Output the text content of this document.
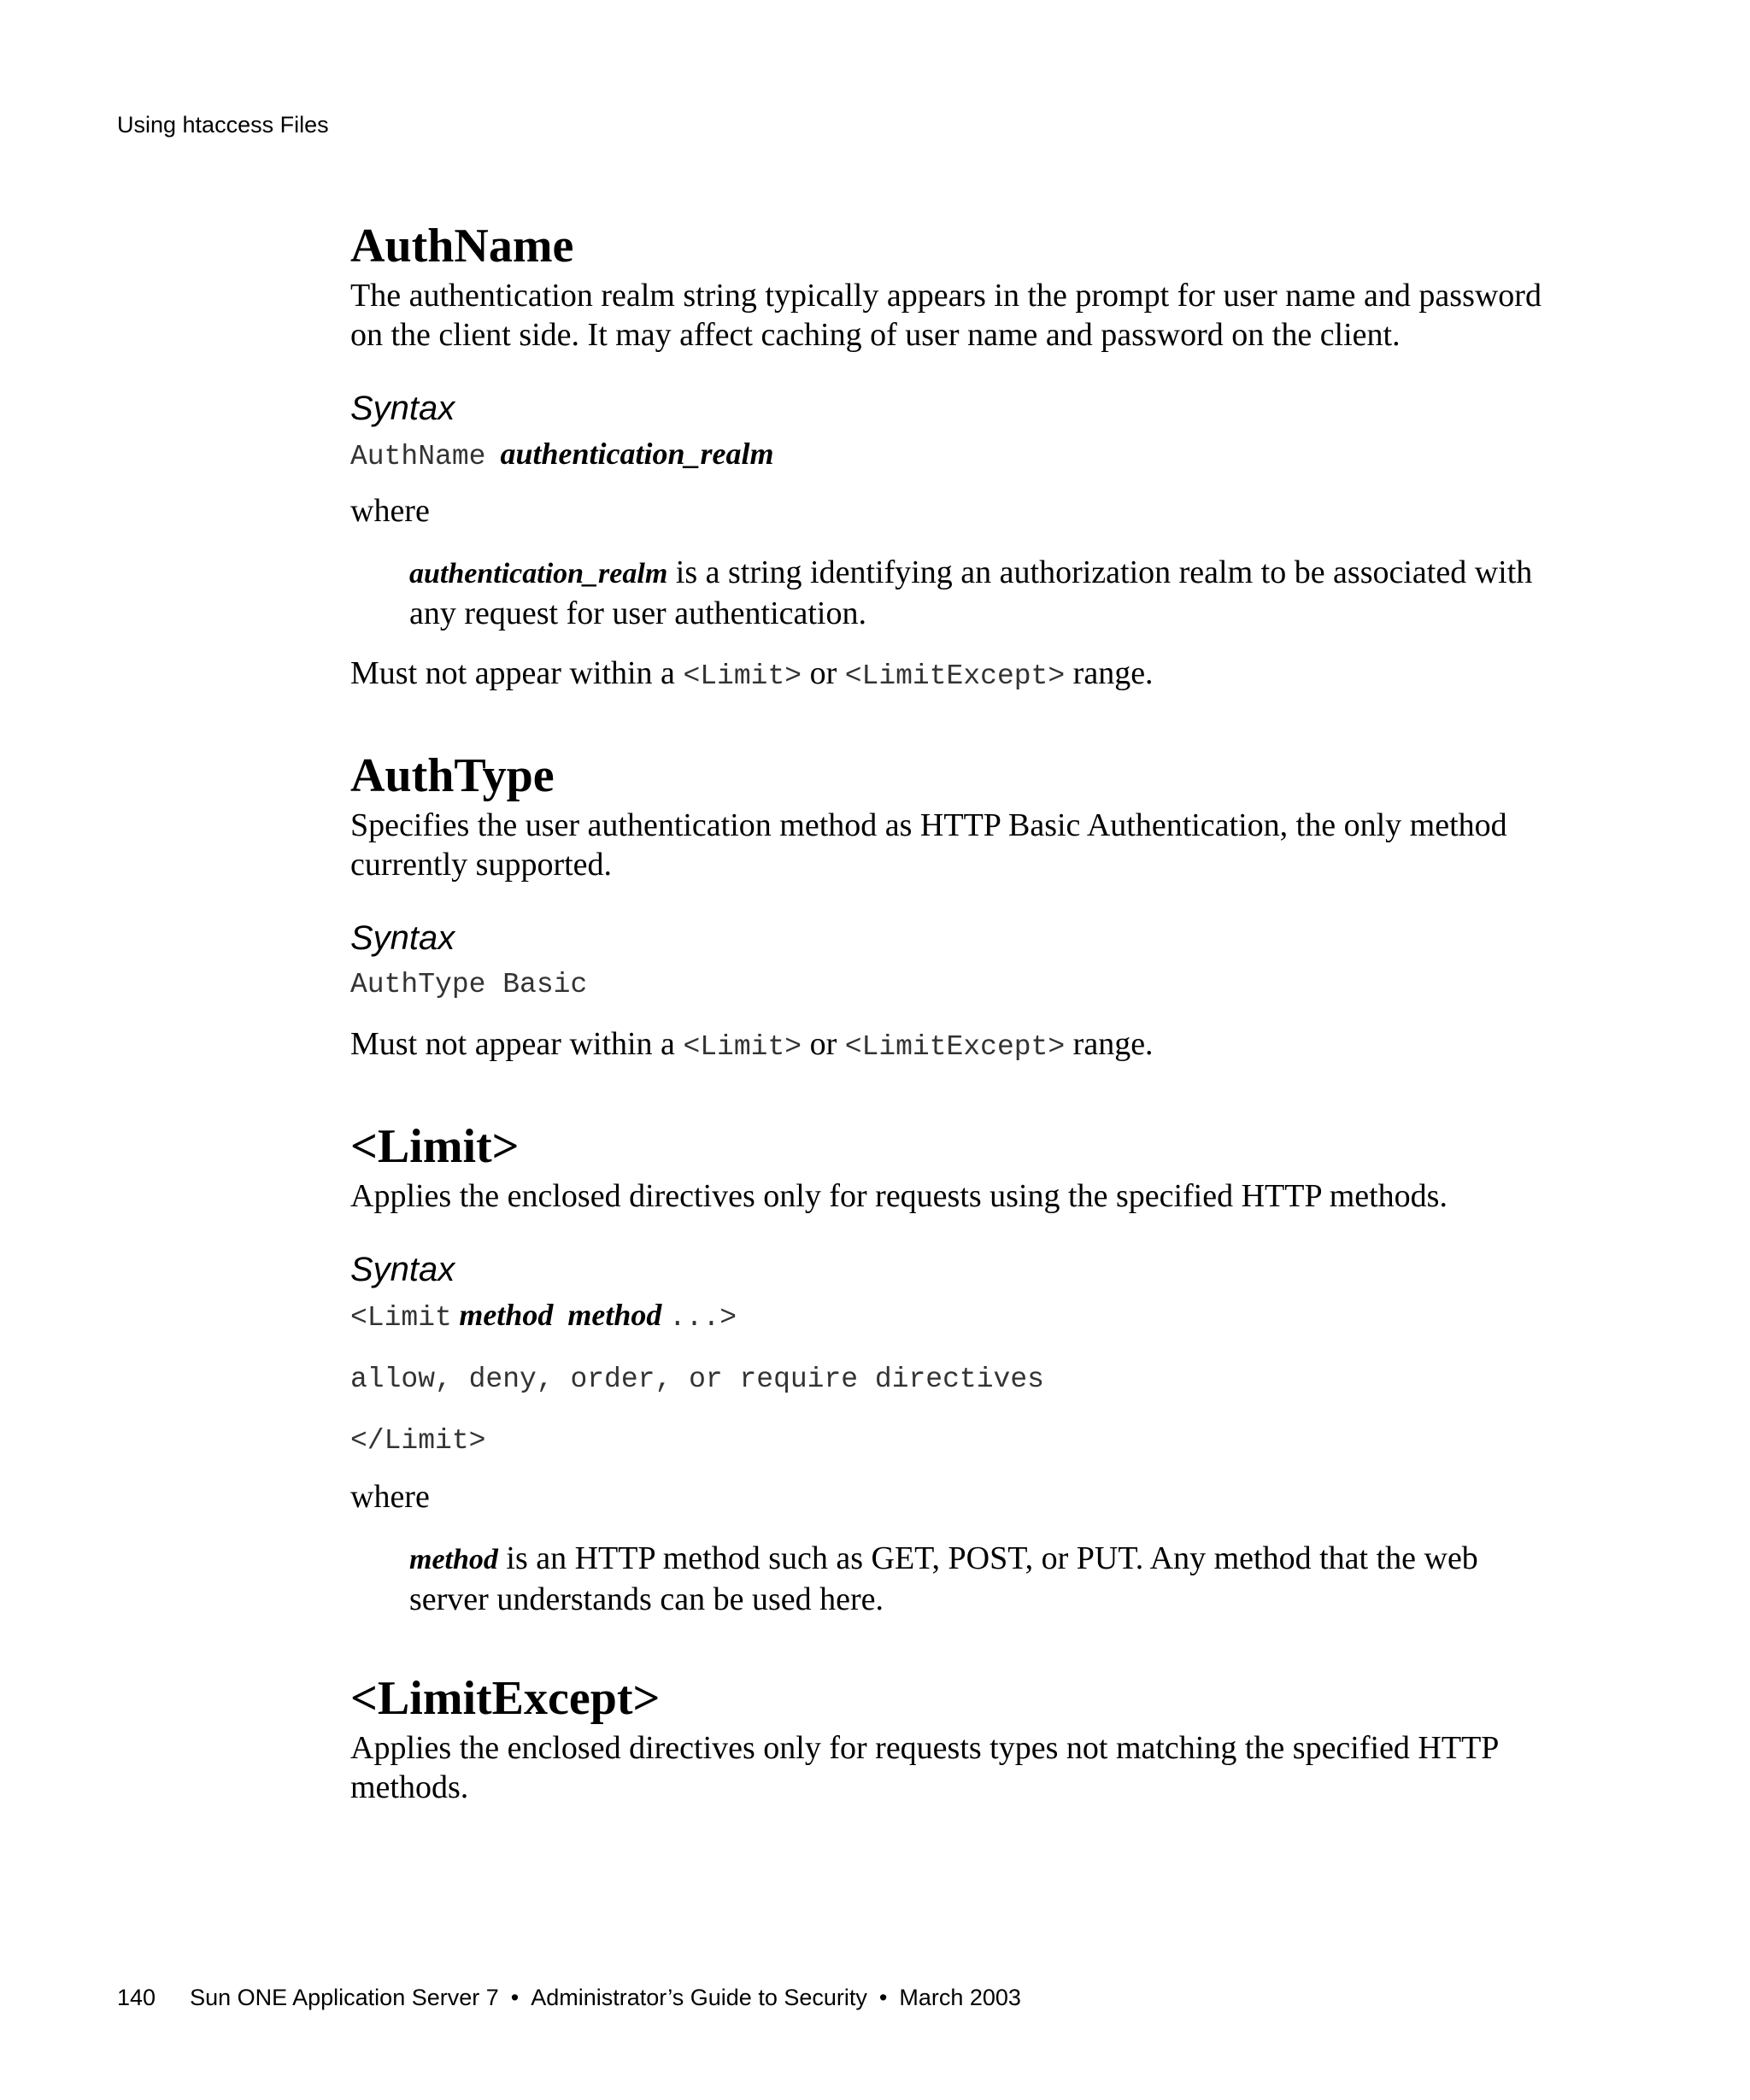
Using htaccess Files
AuthName

The authentication realm string typically appears in the prompt for user name and password on the client side. It may affect caching of user name and password on the client.

Syntax

AuthName authentication_realm

where

authentication_realm is a string identifying an authorization realm to be associated with any request for user authentication.

Must not appear within a <Limit> or <LimitExcept> range.

AuthType

Specifies the user authentication method as HTTP Basic Authentication, the only method currently supported.

Syntax

AuthType Basic

Must not appear within a <Limit> or <LimitExcept> range.

<Limit>

Applies the enclosed directives only for requests using the specified HTTP methods.

Syntax

<Limit method method ...>

allow, deny, order, or require directives

</Limit>

where

method is an HTTP method such as GET, POST, or PUT. Any method that the web server understands can be used here.

<LimitExcept>

Applies the enclosed directives only for requests types not matching the specified HTTP methods.

140 Sun ONE Application Server 7 • Administrator’s Guide to Security • March 2003
